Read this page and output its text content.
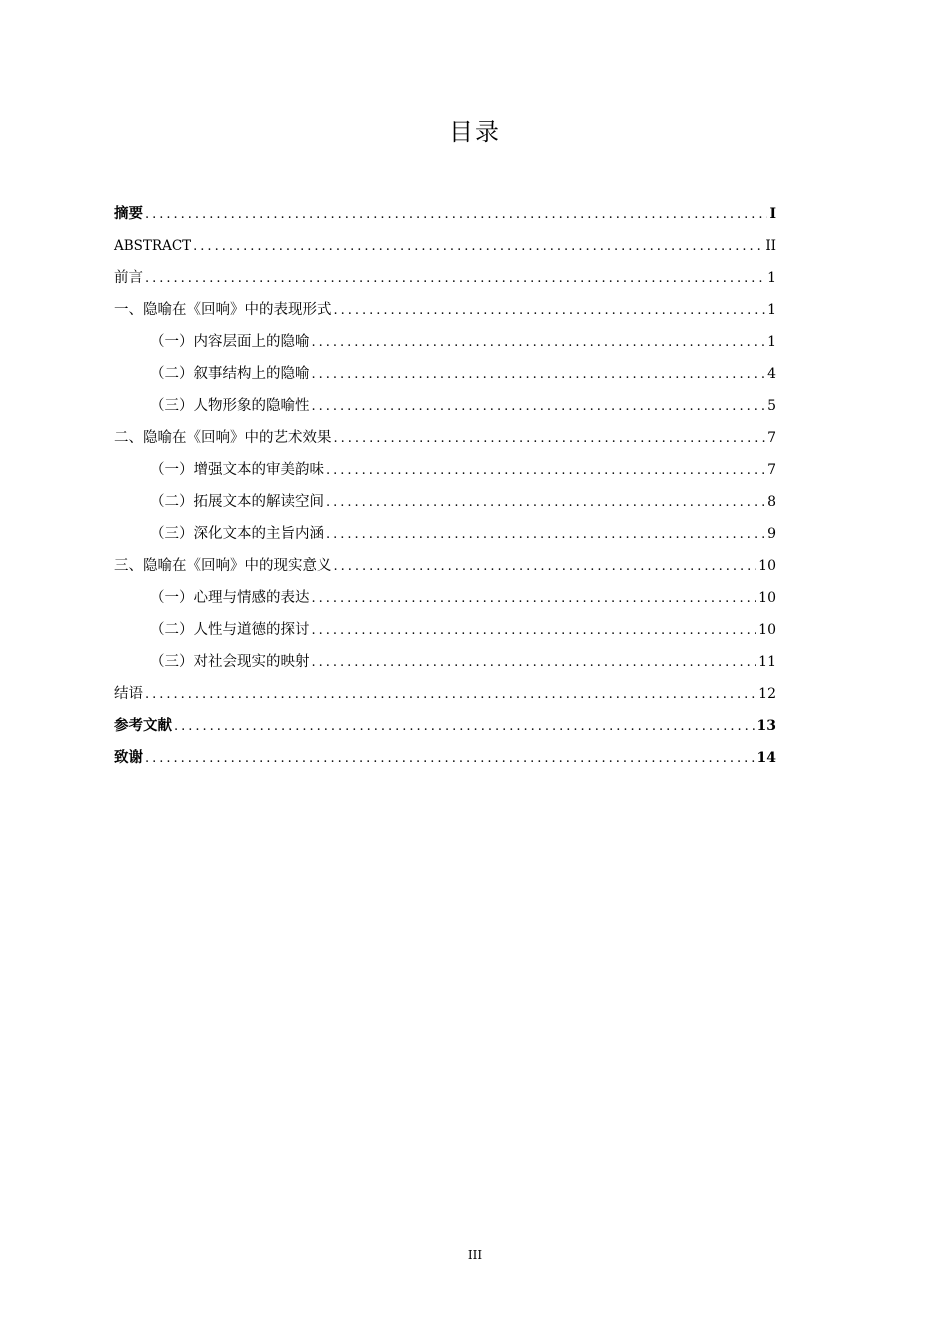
目录
摘要 .....	I
ABSTRACT .....	II
前言 .....	1
一、隐喻在《回响》中的表现形式 .....	1
（一）内容层面上的隐喻 .....	1
（二）叙事结构上的隐喻 .....	4
（三）人物形象的隐喻性 .....	5
二、隐喻在《回响》中的艺术效果 .....	7
（一）增强文本的审美韵味 .....	7
（二）拓展文本的解读空间 .....	8
（三）深化文本的主旨内涵 .....	9
三、隐喻在《回响》中的现实意义 .....	10
（一）心理与情感的表达 .....	10
（二）人性与道德的探讨 .....	10
（三）对社会现实的映射 .....	11
结语 .....	12
参考文献 .....	13
致谢 .....	14
III
